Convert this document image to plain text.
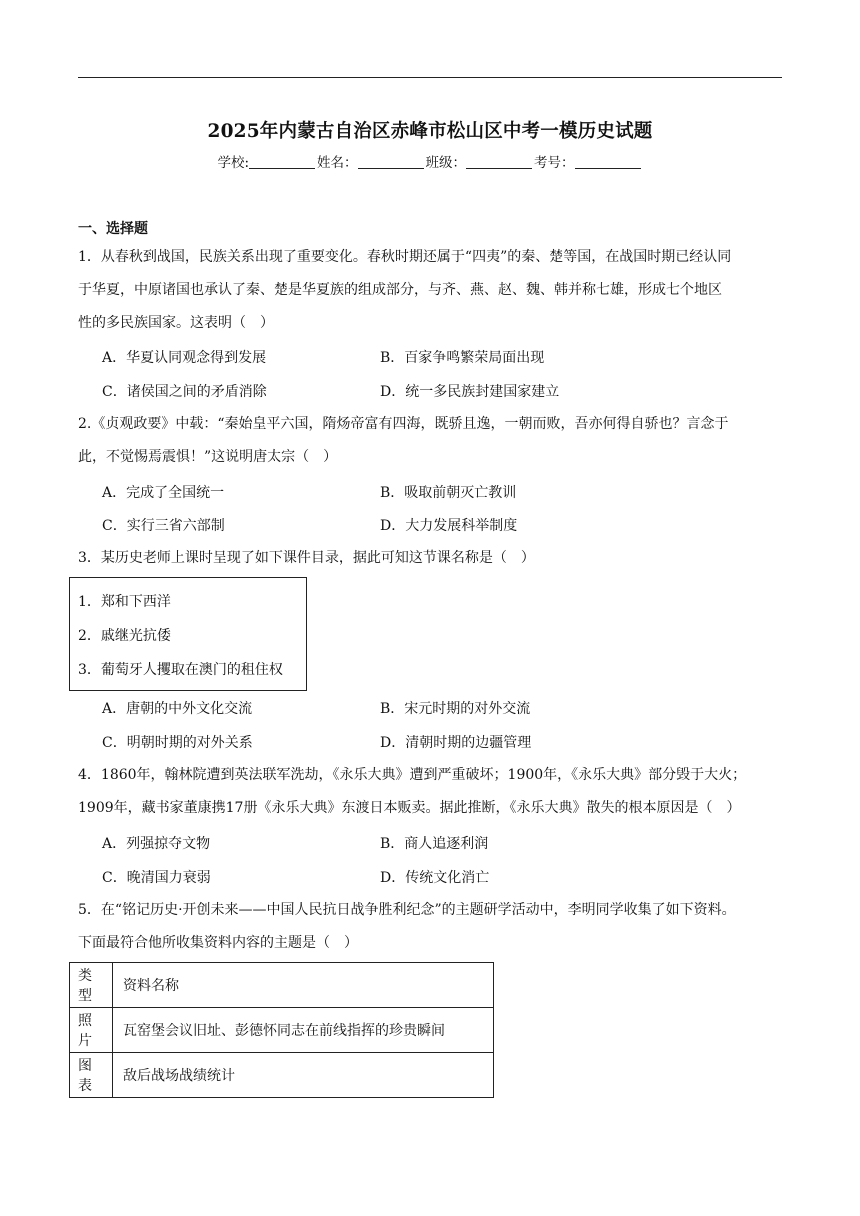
2025年内蒙古自治区赤峰市松山区中考一模历史试题
学校:	姓名：	班级：	考号：
一、选择题
1．从春秋到战国，民族关系出现了重要变化。春秋时期还属于“四夷”的秦、楚等国，在战国时期已经认同
于华夏，中原诸国也承认了秦、楚是华夏族的组成部分，与齐、燕、赵、魏、韩并称七雄，形成七个地区
性的多民族国家。这表明（　）
A．华夏认同观念得到发展	B．百家争鸣繁荣局面出现
C．诸侯国之间的矛盾消除	D．统一多民族封建国家建立
2.《贞观政要》中载：“秦始皇平六国，隋炀帝富有四海，既骄且逸，一朝而败，吾亦何得自骄也？言念于
此，不觉惕焉震惧！”这说明唐太宗（　）
A．完成了全国统一	B．吸取前朝灭亡教训
C．实行三省六部制	D．大力发展科举制度
3．某历史老师上课时呈现了如下课件目录，据此可知这节课名称是（　）
1．郑和下西洋
2．戚继光抗倭
3．葡萄牙人攫取在澳门的租住权
A．唐朝的中外文化交流	B．宋元时期的对外交流
C．明朝时期的对外关系	D．清朝时期的边疆管理
4．1860年，翰林院遭到英法联军洗劫，《永乐大典》遭到严重破坏；1900年，《永乐大典》部分毁于大火；
1909年，藏书家董康携17册《永乐大典》东渡日本贩卖。据此推断，《永乐大典》散失的根本原因是（　）
A．列强掠夺文物	B．商人追逐利润
C．晚清国力衰弱	D．传统文化消亡
5．在“铭记历史·开创未来——中国人民抗日战争胜利纪念”的主题研学活动中，李明同学收集了如下资料。
下面最符合他所收集资料内容的主题是（　）
类型	资料名称
照片	瓦窑堡会议旧址、彭德怀同志在前线指挥的珍贵瞬间
图表	敌后战场战绩统计
